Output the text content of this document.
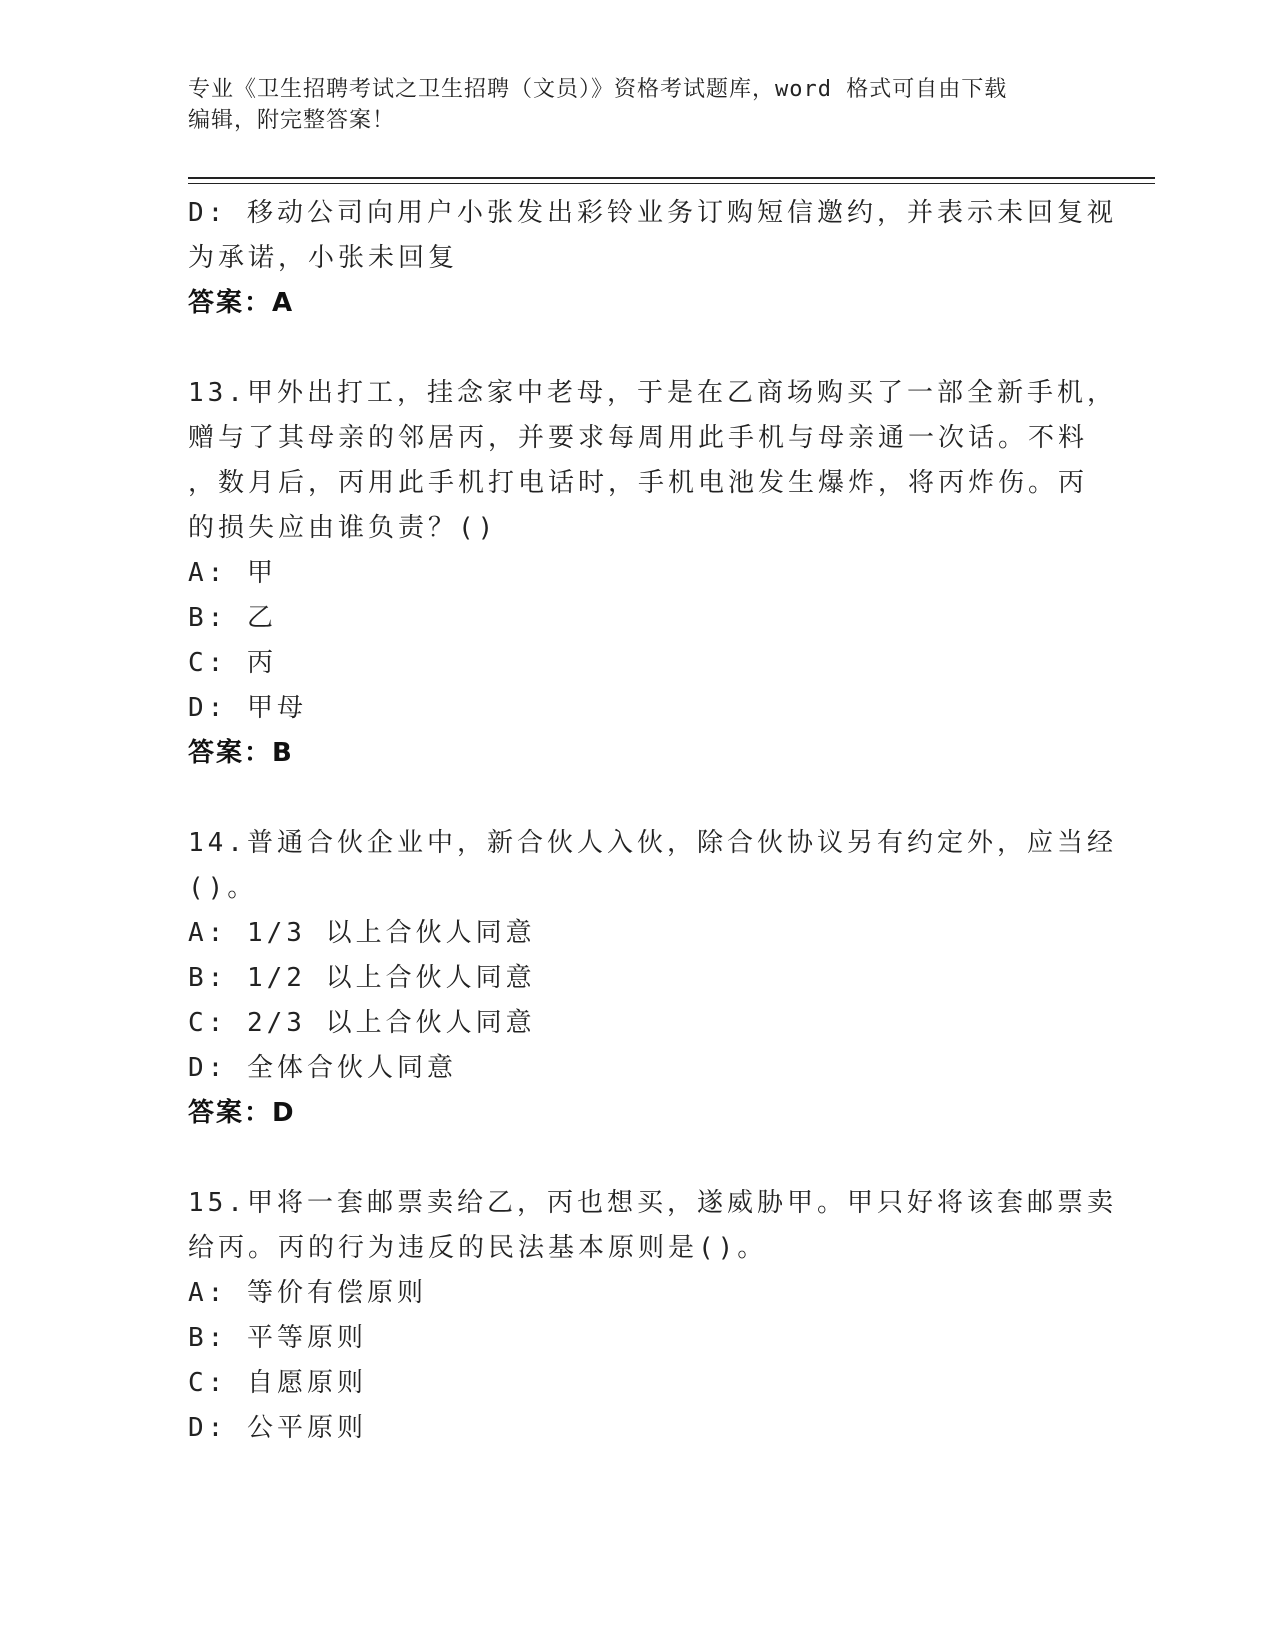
专业《卫生招聘考试之卫生招聘（文员）》资格考试题库，word 格式可自由下载
编辑，附完整答案！
D: 移动公司向用户小张发出彩铃业务订购短信邀约，并表示未回复视
为承诺，小张未回复
答案：A
13.甲外出打工，挂念家中老母，于是在乙商场购买了一部全新手机，
赠与了其母亲的邻居丙，并要求每周用此手机与母亲通一次话。不料
，数月后，丙用此手机打电话时，手机电池发生爆炸，将丙炸伤。丙
的损失应由谁负责？()
A: 甲
B: 乙
C: 丙
D: 甲母
答案：B
14.普通合伙企业中，新合伙人入伙，除合伙协议另有约定外，应当经
()。
A: 1/3 以上合伙人同意
B: 1/2 以上合伙人同意
C: 2/3 以上合伙人同意
D: 全体合伙人同意
答案：D
15.甲将一套邮票卖给乙，丙也想买，遂威胁甲。甲只好将该套邮票卖
给丙。丙的行为违反的民法基本原则是()。
A: 等价有偿原则
B: 平等原则
C: 自愿原则
D: 公平原则
